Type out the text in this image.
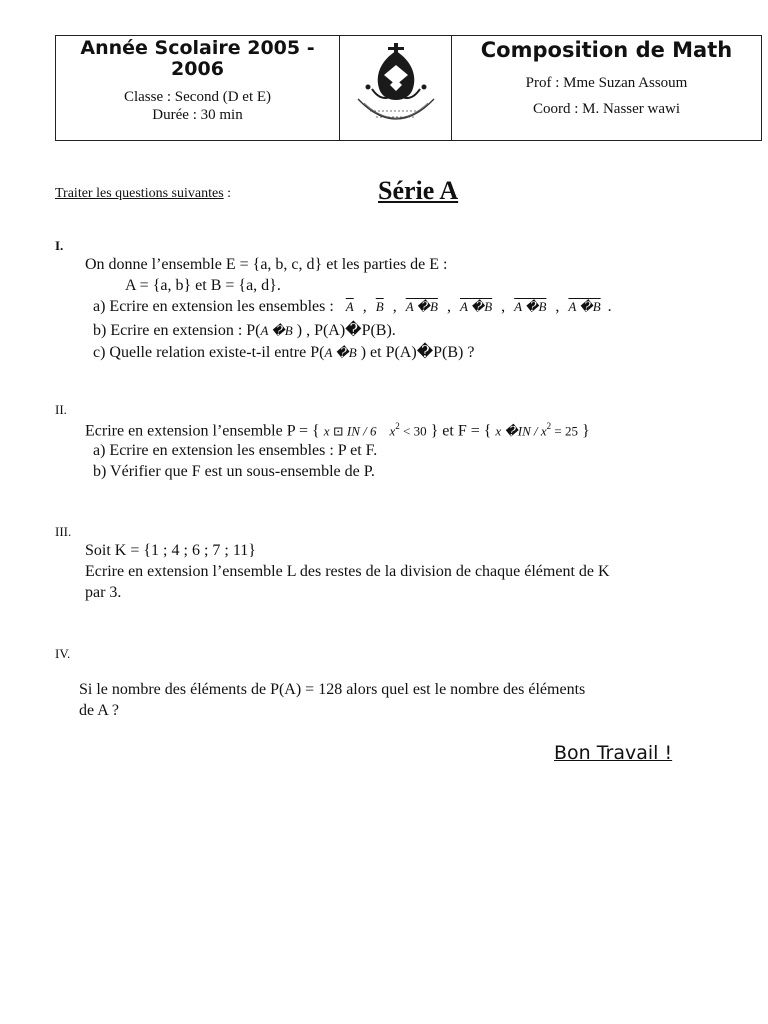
Année Scolaire 2005 - 2006
Classe : Second (D et E)
Durée : 30 min
Composition de Math
Prof : Mme Suzan Assoum
Coord : M. Nasser wawi
Traiter les questions suivantes :	Série A
I.
On donne l’ensemble E = {a, b, c, d} et les parties de E :
A = {a, b} et B = {a, d}.
a) Ecrire en extension les ensembles : $\overline{A}$ , $\overline{B}$ , A �B , A �B , A �B , A �B .
b) Ecrire en extension : P(A �B ) , P(A)�P(B).
c) Quelle relation existe-t-il entre P(A �B ) et P(A)�P(B) ?
II.
Ecrire en extension l’ensemble P = { x ⊡ IN / 6    $x^2 < 30$ } et F = { x �IN / $x^2 = 25$ }
a) Ecrire en extension les ensembles : P et F.
b) Vérifier que F est un sous-ensemble de P.
III.
Soit K = {1 ; 4 ; 6 ; 7 ; 11}
Ecrire en extension l’ensemble L des restes de la division de chaque élément de K
par 3.
IV.
Si le nombre des éléments de P(A) = 128 alors quel est le nombre des éléments
de A ?
Bon Travail !
